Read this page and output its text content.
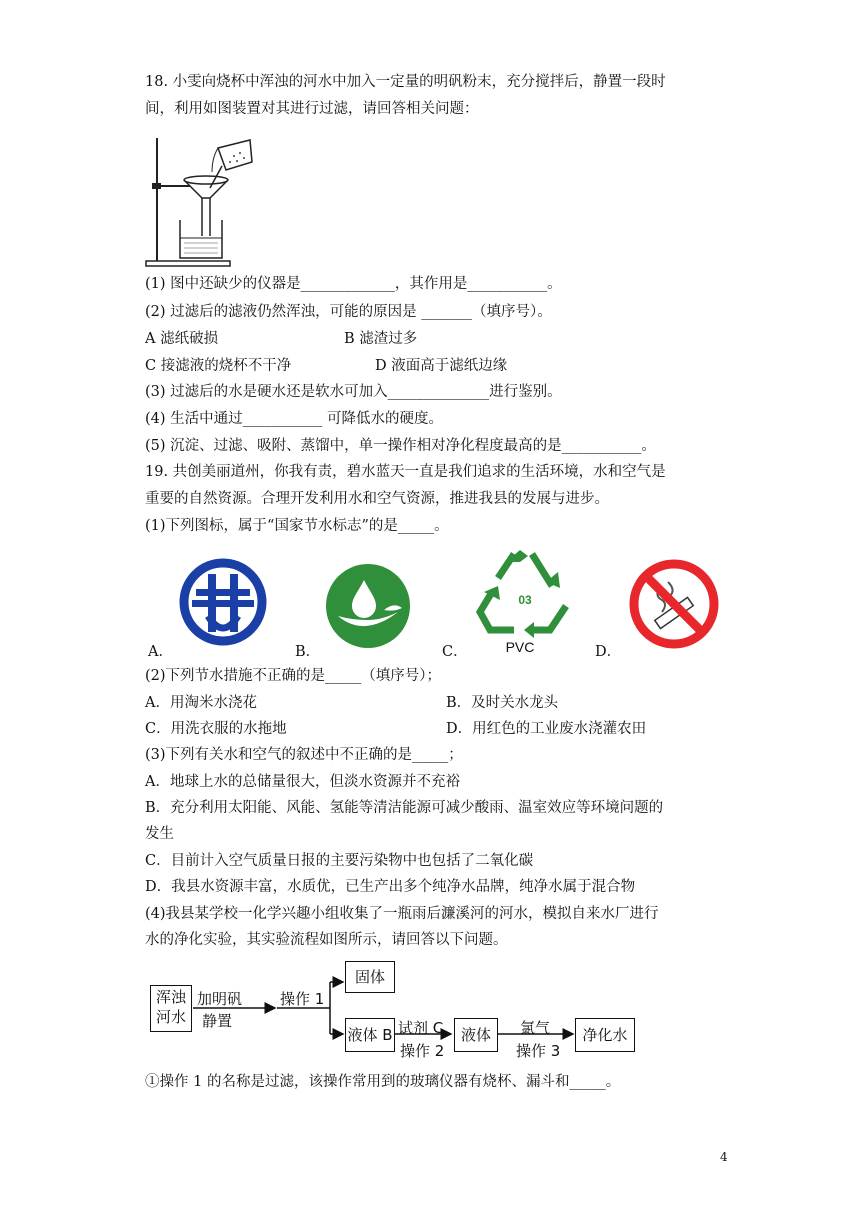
18. 小雯向烧杯中浑浊的河水中加入一定量的明矾粉末，充分搅拌后，静置一段时
间，利用如图装置对其进行过滤，请回答相关问题：
(1) 图中还缺少的仪器是_____________，其作用是___________。
(2) 过滤后的滤液仍然浑浊，可能的原因是 _______（填序号）。
A 滤纸破损	B 滤渣过多
C 接滤液的烧杯不干净	D 液面高于滤纸边缘
(3) 过滤后的水是硬水还是软水可加入______________进行鉴别。
(4) 生活中通过___________ 可降低水的硬度。
(5) 沉淀、过滤、吸附、蒸馏中，单一操作相对净化程度最高的是___________。
19. 共创美丽道州，你我有责，碧水蓝天一直是我们追求的生活环境，水和空气是
重要的自然资源。合理开发利用水和空气资源，推进我县的发展与进步。
(1)下列图标，属于“国家节水标志”的是_____。
A．	B．	C．
03
PVC	D．
(2)下列节水措施不正确的是_____（填序号）；
A．用淘米水浇花	B．及时关水龙头
C．用洗衣服的水拖地	D．用红色的工业废水浇灌农田
(3)下列有关水和空气的叙述中不正确的是_____；
A．地球上水的总储量很大，但淡水资源并不充裕
B．充分利用太阳能、风能、氢能等清洁能源可减少酸雨、温室效应等环境问题的
发生
C．目前计入空气质量日报的主要污染物中也包括了二氧化碳
D．我县水资源丰富，水质优，已生产出多个纯净水品牌，纯净水属于混合物
(4)我县某学校一化学兴趣小组收集了一瓶雨后濂溪河的河水，模拟自来水厂进行
水的净化实验，其实验流程如图所示，请回答以下问题。
浑浊
河水
加明矾
静置
操作 1
固体
液体 B 试剂 C
操作 2
液体	氯气
操作 3
净化水
①操作 1 的名称是过滤，该操作常用到的玻璃仪器有烧杯、漏斗和_____。
4
